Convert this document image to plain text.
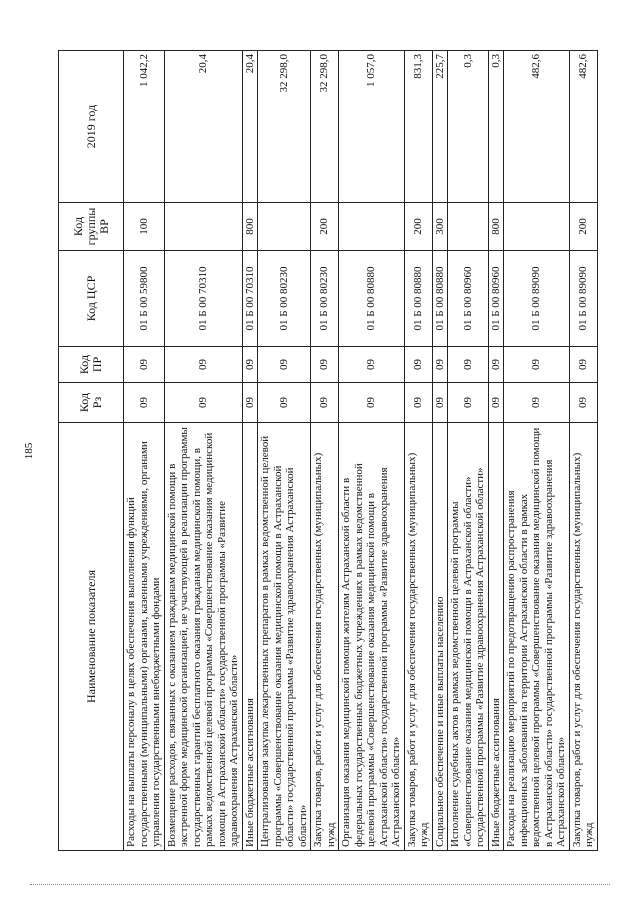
185
Наименование показателя	Код Рз	Код ПР	Код ЦСР	Код группы ВР	2019 год
Расходы на выплаты персоналу в целях обеспечения выполнения функций государственными (муниципальными) органами, казенными учреждениями, органами управления государственными внебюджетными фондами	09	09	01 Б 00 59800	100	1 042,2
Возмещение расходов, связанных с оказанием гражданам медицинской помощи в экстренной форме медицинской организацией, не участвующей в реализации программы государственных гарантий бесплатного оказания гражданам медицинской помощи, в рамках ведомственной целевой программы «Совершенствование оказания медицинской помощи в Астраханской области» государственной программы «Развитие здравоохранения Астраханской области»	09	09	01 Б 00 70310		20,4
Иные бюджетные ассигнования	09	09	01 Б 00 70310	800	20,4
Централизованная закупка лекарственных препаратов в рамках ведомственной целевой программы «Совершенствование оказания медицинской помощи в Астраханской области» государственной программы «Развитие здравоохранения Астраханской области»	09	09	01 Б 00 80230		32 298,0
Закупка товаров, работ и услуг для обеспечения государственных (муниципальных) нужд	09	09	01 Б 00 80230	200	32 298,0
Организация оказания медицинской помощи жителям Астраханской области в федеральных государственных бюджетных учреждениях в рамках ведомственной целевой программы «Совершенствование оказания медицинской помощи в Астраханской области» государственной программы «Развитие здравоохранения Астраханской области»	09	09	01 Б 00 80880		1 057,0
Закупка товаров, работ и услуг для обеспечения государственных (муниципальных) нужд	09	09	01 Б 00 80880	200	831,3
Социальное обеспечение и иные выплаты населению	09	09	01 Б 00 80880	300	225,7
Исполнение судебных актов в рамках ведомственной целевой программы «Совершенствование оказания медицинской помощи в Астраханской области» государственной программы «Развитие здравоохранения Астраханской области»	09	09	01 Б 00 80960		0,3
Иные бюджетные ассигнования	09	09	01 Б 00 80960	800	0,3
Расходы на реализацию мероприятий по предотвращению распространения инфекционных заболеваний на территории Астраханской области в рамках ведомственной целевой программы «Совершенствование оказания медицинской помощи в Астраханской области» государственной программы «Развитие здравоохранения Астраханской области»	09	09	01 Б 00 89090		482,6
Закупка товаров, работ и услуг для обеспечения государственных (муниципальных) нужд	09	09	01 Б 00 89090	200	482,6
